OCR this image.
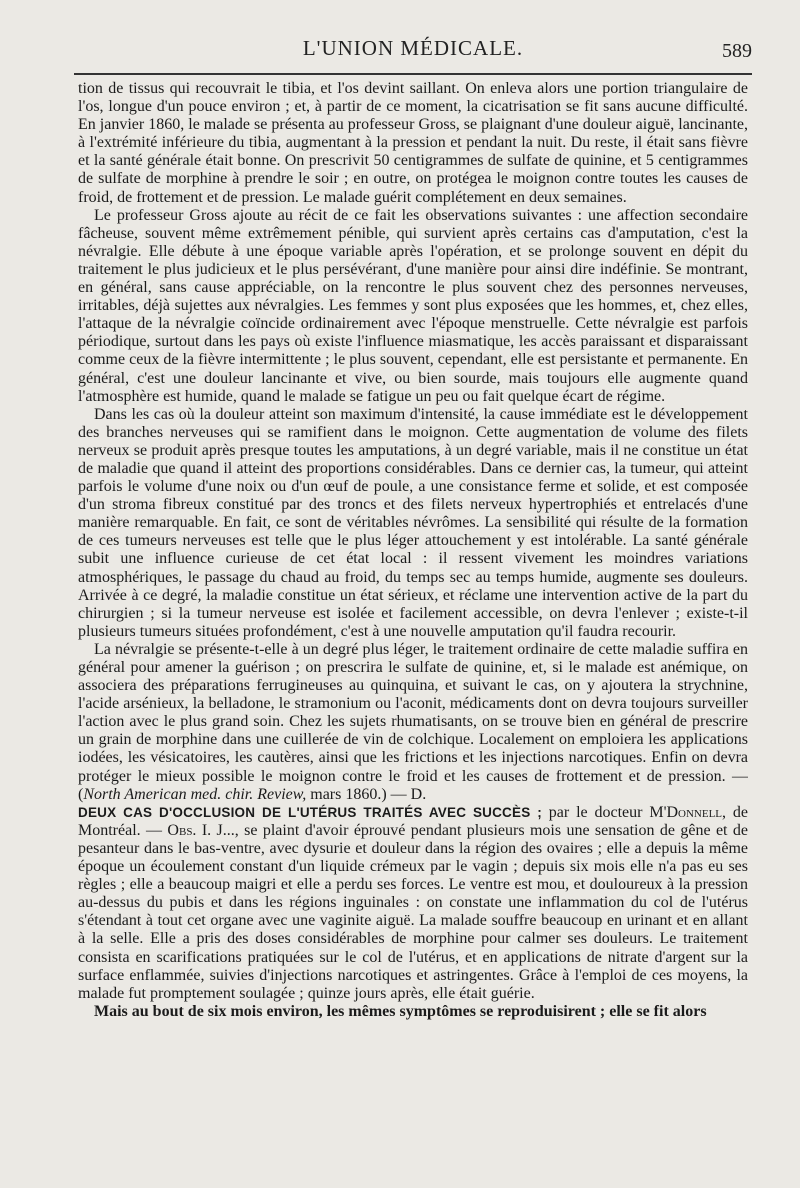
L'UNION MÉDICALE.	589

tion de tissus qui recouvrait le tibia, et l'os devint saillant. On enleva alors une portion triangulaire de l'os, longue d'un pouce environ ; et, à partir de ce moment, la cicatrisation se fit sans aucune difficulté. En janvier 1860, le malade se présenta au professeur Gross, se plaignant d'une douleur aiguë, lancinante, à l'extrémité inférieure du tibia, augmentant à la pression et pendant la nuit. Du reste, il était sans fièvre et la santé générale était bonne. On prescrivit 50 centigrammes de sulfate de quinine, et 5 centigrammes de sulfate de morphine à prendre le soir ; en outre, on protégea le moignon contre toutes les causes de froid, de frottement et de pression. Le malade guérit complétement en deux semaines.

Le professeur Gross ajoute au récit de ce fait les observations suivantes : une affection secondaire fâcheuse, souvent même extrêmement pénible, qui survient après certains cas d'amputation, c'est la névralgie. Elle débute à une époque variable après l'opération, et se prolonge souvent en dépit du traitement le plus judicieux et le plus persévérant, d'une manière pour ainsi dire indéfinie. Se montrant, en général, sans cause appréciable, on la rencontre le plus souvent chez des personnes nerveuses, irritables, déjà sujettes aux névralgies. Les femmes y sont plus exposées que les hommes, et, chez elles, l'attaque de la névralgie coïncide ordinairement avec l'époque menstruelle. Cette névralgie est parfois périodique, surtout dans les pays où existe l'influence miasmatique, les accès paraissant et disparaissant comme ceux de la fièvre intermittente ; le plus souvent, cependant, elle est persistante et permanente. En général, c'est une douleur lancinante et vive, ou bien sourde, mais toujours elle augmente quand l'atmosphère est humide, quand le malade se fatigue un peu ou fait quelque écart de régime.

Dans les cas où la douleur atteint son maximum d'intensité, la cause immédiate est le développement des branches nerveuses qui se ramifient dans le moignon. Cette augmentation de volume des filets nerveux se produit après presque toutes les amputations, à un degré variable, mais il ne constitue un état de maladie que quand il atteint des proportions considérables. Dans ce dernier cas, la tumeur, qui atteint parfois le volume d'une noix ou d'un œuf de poule, a une consistance ferme et solide, et est composée d'un stroma fibreux constitué par des troncs et des filets nerveux hypertrophiés et entrelacés d'une manière remarquable. En fait, ce sont de véritables névrômes. La sensibilité qui résulte de la formation de ces tumeurs nerveuses est telle que le plus léger attouchement y est intolérable. La santé générale subit une influence curieuse de cet état local : il ressent vivement les moindres variations atmosphériques, le passage du chaud au froid, du temps sec au temps humide, augmente ses douleurs. Arrivée à ce degré, la maladie constitue un état sérieux, et réclame une intervention active de la part du chirurgien ; si la tumeur nerveuse est isolée et facilement accessible, on devra l'enlever ; existe-t-il plusieurs tumeurs situées profondément, c'est à une nouvelle amputation qu'il faudra recourir.

La névralgie se présente-t-elle à un degré plus léger, le traitement ordinaire de cette maladie suffira en général pour amener la guérison ; on prescrira le sulfate de quinine, et, si le malade est anémique, on associera des préparations ferrugineuses au quinquina, et suivant le cas, on y ajoutera la strychnine, l'acide arsénieux, la belladone, le stramonium ou l'aconit, médicaments dont on devra toujours surveiller l'action avec le plus grand soin. Chez les sujets rhumatisants, on se trouve bien en général de prescrire un grain de morphine dans une cuillerée de vin de colchique. Localement on emploiera les applications iodées, les vésicatoires, les cautères, ainsi que les frictions et les injections narcotiques. Enfin on devra protéger le mieux possible le moignon contre le froid et les causes de frottement et de pression. — (North American med. chir. Review, mars 1860.) — D.

DEUX CAS D'OCCLUSION DE L'UTÉRUS TRAITÉS AVEC SUCCÈS ; par le docteur M'Donnell, de Montréal. — Obs. I. J..., se plaint d'avoir éprouvé pendant plusieurs mois une sensation de gêne et de pesanteur dans le bas-ventre, avec dysurie et douleur dans la région des ovaires ; elle a depuis la même époque un écoulement constant d'un liquide crémeux par le vagin ; depuis six mois elle n'a pas eu ses règles ; elle a beaucoup maigri et elle a perdu ses forces. Le ventre est mou, et douloureux à la pression au-dessus du pubis et dans les régions inguinales : on constate une inflammation du col de l'utérus s'étendant à tout cet organe avec une vaginite aiguë. La malade souffre beaucoup en urinant et en allant à la selle. Elle a pris des doses considérables de morphine pour calmer ses douleurs. Le traitement consista en scarifications pratiquées sur le col de l'utérus, et en applications de nitrate d'argent sur la surface enflammée, suivies d'injections narcotiques et astringentes. Grâce à l'emploi de ces moyens, la malade fut promptement soulagée ; quinze jours après, elle était guérie.

Mais au bout de six mois environ, les mêmes symptômes se reproduisirent ; elle se fit alors
